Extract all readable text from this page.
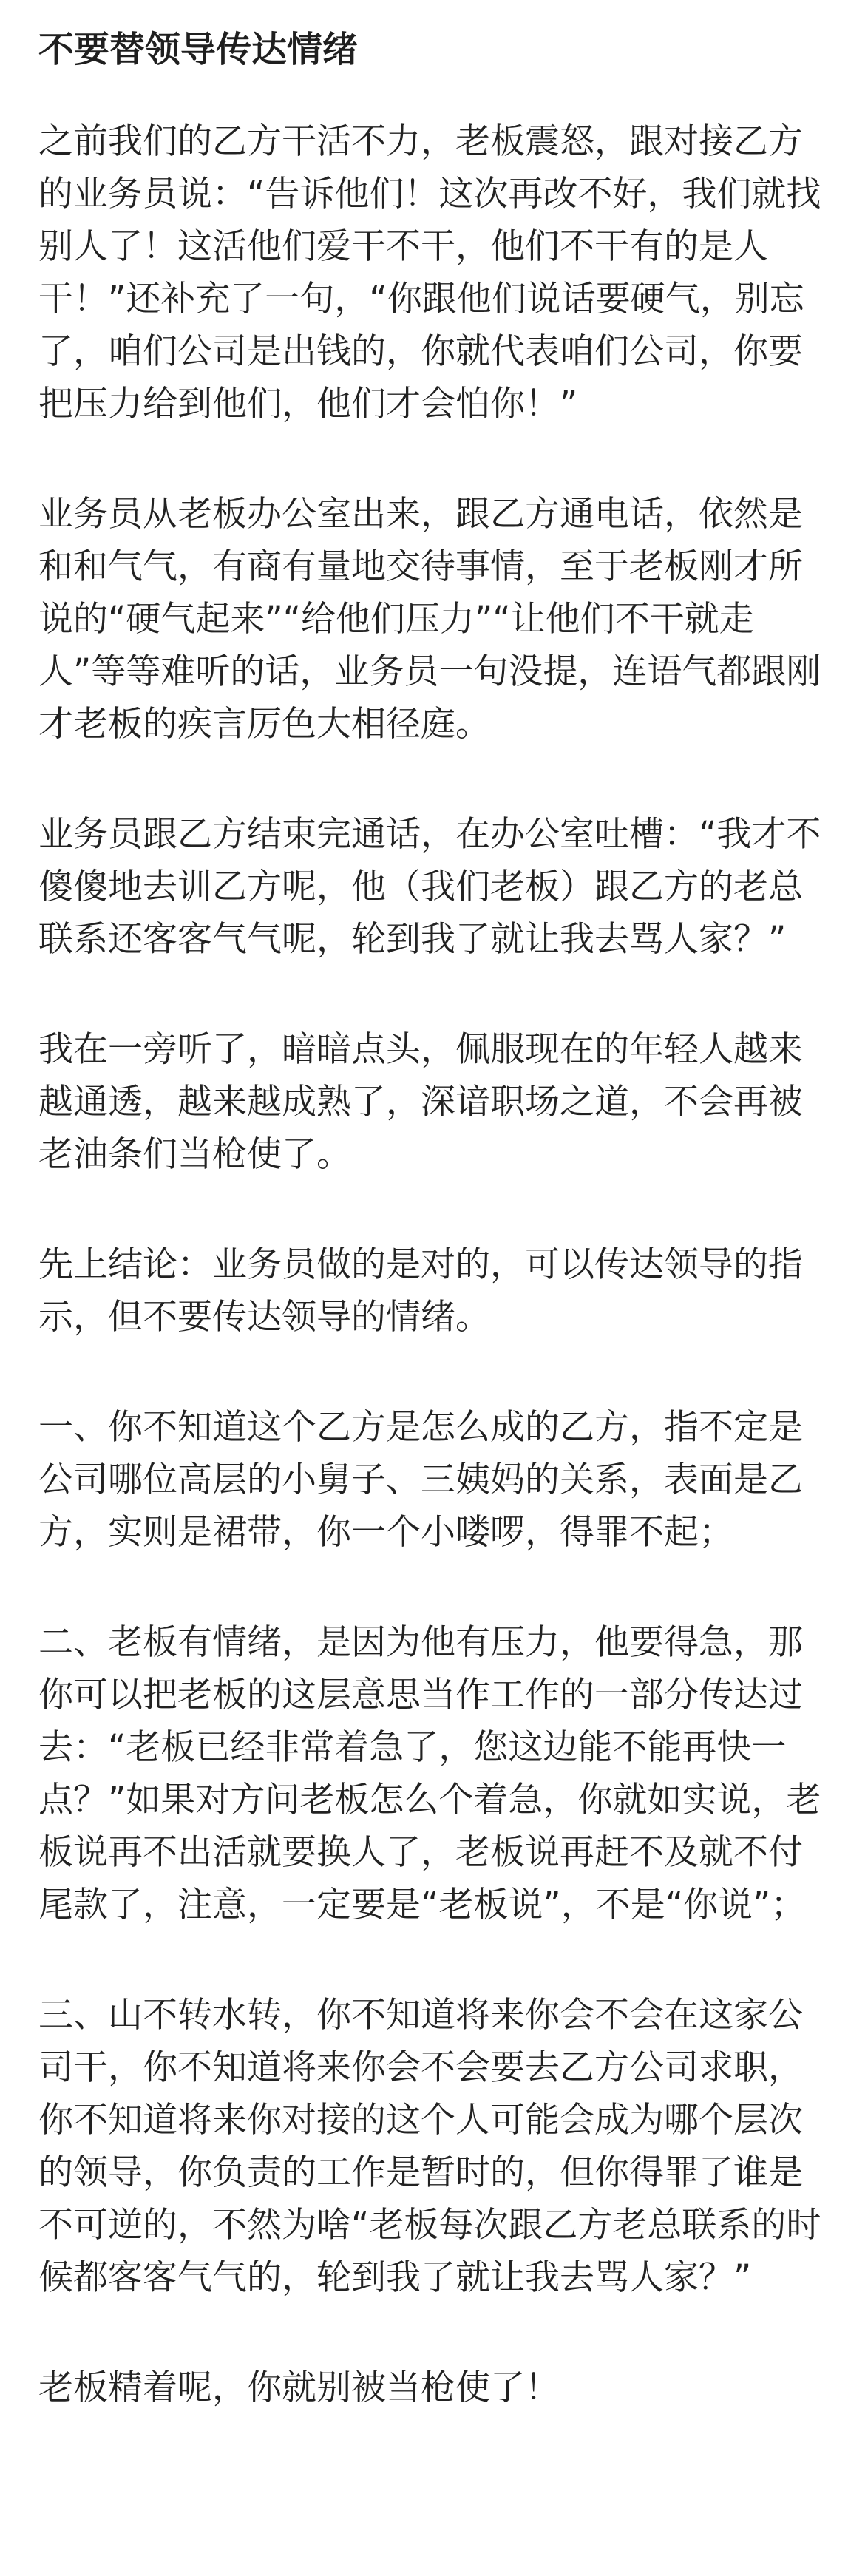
不要替领导传达情绪

之前我们的乙方干活不力，老板震怒，跟对接乙方的业务员说：“告诉他们！这次再改不好，我们就找别人了！这活他们爱干不干，他们不干有的是人干！”还补充了一句，“你跟他们说话要硬气，别忘了，咱们公司是出钱的，你就代表咱们公司，你要把压力给到他们，他们才会怕你！”

业务员从老板办公室出来，跟乙方通电话，依然是和和气气，有商有量地交待事情，至于老板刚才所说的“硬气起来”“给他们压力”“让他们不干就走人”等等难听的话，业务员一句没提，连语气都跟刚才老板的疾言厉色大相径庭。

业务员跟乙方结束完通话，在办公室吐槽：“我才不傻傻地去训乙方呢，他（我们老板）跟乙方的老总联系还客客气气呢，轮到我了就让我去骂人家？”

我在一旁听了，暗暗点头，佩服现在的年轻人越来越通透，越来越成熟了，深谙职场之道，不会再被老油条们当枪使了。

先上结论：业务员做的是对的，可以传达领导的指示，但不要传达领导的情绪。

一、你不知道这个乙方是怎么成的乙方，指不定是公司哪位高层的小舅子、三姨妈的关系，表面是乙方，实则是裙带，你一个小喽啰，得罪不起；

二、老板有情绪，是因为他有压力，他要得急，那你可以把老板的这层意思当作工作的一部分传达过去：“老板已经非常着急了，您这边能不能再快一点？”如果对方问老板怎么个着急，你就如实说，老板说再不出活就要换人了，老板说再赶不及就不付尾款了，注意，一定要是“老板说”，不是“你说”；

三、山不转水转，你不知道将来你会不会在这家公司干，你不知道将来你会不会要去乙方公司求职，你不知道将来你对接的这个人可能会成为哪个层次的领导，你负责的工作是暂时的，但你得罪了谁是不可逆的，不然为啥“老板每次跟乙方老总联系的时候都客客气气的，轮到我了就让我去骂人家？”

老板精着呢，你就别被当枪使了！
